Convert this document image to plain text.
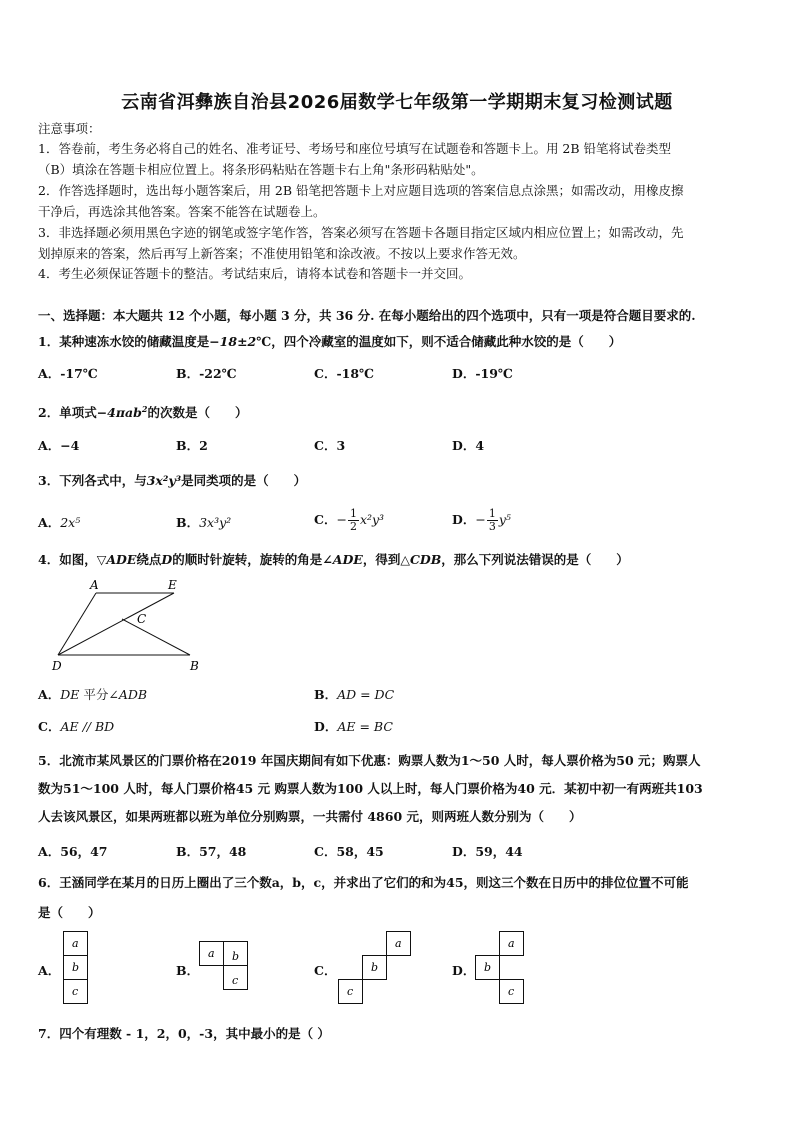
云南省洱彝族自治县2026届数学七年级第一学期期末复习检测试题
注意事项：
1．答卷前，考生务必将自己的姓名、准考证号、考场号和座位号填写在试题卷和答题卡上。用 2B 铅笔将试卷类型
（B）填涂在答题卡相应位置上。将条形码粘贴在答题卡右上角"条形码粘贴处"。
2．作答选择题时，选出每小题答案后，用 2B 铅笔把答题卡上对应题目选项的答案信息点涂黑；如需改动，用橡皮擦
干净后，再选涂其他答案。答案不能答在试题卷上。
3．非选择题必须用黑色字迹的钢笔或签字笔作答，答案必须写在答题卡各题目指定区域内相应位置上；如需改动，先
划掉原来的答案，然后再写上新答案；不准使用铅笔和涂改液。不按以上要求作答无效。
4．考生必须保证答题卡的整洁。考试结束后，请将本试卷和答题卡一并交回。
一、选择题：本大题共 12 个小题，每小题 3 分，共 36 分. 在每小题给出的四个选项中，只有一项是符合题目要求的.
1．某种速冻水饺的储藏温度是−18±2℃，四个冷藏室的温度如下，则不适合储藏此种水饺的是（　　）
A．-17℃	B．-22℃	C．-18℃	D．-19℃
2．单项式−4πab$^2$的次数是（　　）
A．−4	B．2	C．3	D．4
3．下列各式中，与3x²y³是同类项的是（　　）
A．2x⁵	B．3x³y²	C．− $\frac{1}{2} x^2y^3$	D．− $\frac{1}{3} y^5$
4．如图，▽ADE绕点D的顺时针旋转，旋转的角是∠ADE，得到△CDB，那么下列说法错误的是（　　）
A	E
C
D	B
A．DE 平分∠ADB	B．AD = DC
C．AE // BD	D．AE = BC
5．北流市某风景区的门票价格在2019 年国庆期间有如下优惠：购票人数为1～50 人时，每人票价格为50 元；购票人
数为51～100 人时，每人门票价格45 元 购票人数为100 人以上时，每人门票价格为40 元．某初中初一有两班共103
人去该风景区，如果两班都以班为单位分别购票，一共需付 4860 元，则两班人数分别为（　　）
A．56，47	B．57，48	C．58，45	D．59，44
6．王涵同学在某月的日历上圈出了三个数a，b，c，并求出了它们的和为45，则这三个数在日历中的排位位置不可能
是（　　）
A．
a
b
c
B．
a b
c
C．
a
b
c
D．
a
b
c
7．四个有理数 - 1，2，0，-3，其中最小的是（ ）
